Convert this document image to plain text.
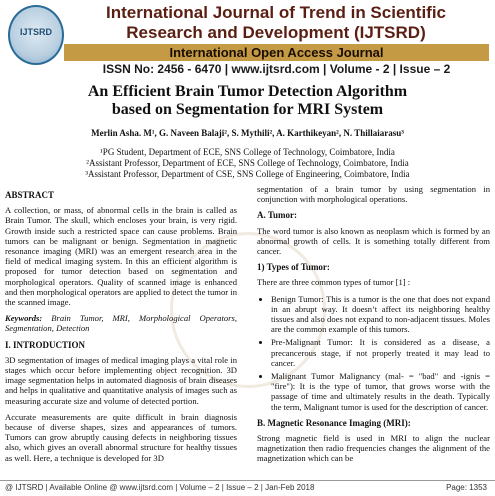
IJTSRD
International Journal of Trend in Scientific
Research and Development (IJTSRD)
International Open Access Journal
ISSN No: 2456 - 6470 | www.ijtsrd.com | Volume - 2 | Issue – 2
An Efficient Brain Tumor Detection Algorithm
based on Segmentation for MRI System
Merlin Asha. M¹, G. Naveen Balaji², S. Mythili², A. Karthikeyan², N. Thillaiarasu³
¹PG Student, Department of ECE, SNS College of Technology, Coimbatore, India
²Assistant Professor, Department of ECE, SNS College of Technology, Coimbatore, India
³Assistant Professor, Department of CSE, SNS College of Engineering, Coimbatore, India
ABSTRACT

A collection, or mass, of abnormal cells in the brain is called as Brain Tumor. The skull, which encloses your brain, is very rigid. Growth inside such a restricted space can cause problems. Brain tumors can be malignant or benign. Segmentation in magnetic resonance imaging (MRI) was an emergent research area in the field of medical imaging system. In this an efficient algorithm is proposed for tumor detection based on segmentation and morphological operators. Quality of scanned image is enhanced and then morphological operators are applied to detect the tumor in the scanned image.

Keywords: Brain Tumor, MRI, Morphological Operators, Segmentation, Detection

I. INTRODUCTION

3D segmentation of images of medical imaging plays a vital role in stages which occur before implementing object recognition. 3D image segmentation helps in automated diagnosis of brain diseases and helps in qualitative and quantitative analysis of images such as measuring accurate size and volume of detected portion.

Accurate measurements are quite difficult in brain diagnosis because of diverse shapes, sizes and appearances of tumors. Tumors can grow abruptly causing defects in neighboring tissues also, which gives an overall abnormal structure for healthy tissues as well. Here, a technique is developed for 3D

segmentation of a brain tumor by using segmentation in conjunction with morphological operations.

A. Tumor:

The word tumor is also known as neoplasm which is formed by an abnormal growth of cells. It is something totally different from cancer.

1) Types of Tumor:

There are three common types of tumor [1] :

• Benign Tumor: This is a tumor is the one that does not expand in an abrupt way. It doesn’t affect its neighboring healthy tissues and also does not expand to non-adjacent tissues. Moles are the common example of this tumors.
• Pre-Malignant Tumor: It is considered as a disease, a precancerous stage, if not properly treated it may lead to cancer.
• Malignant Tumor Malignancy (mal- = "bad" and -ignis = "fire"): It is the type of tumor, that grows worse with the passage of time and ultimately results in the death. Typically the term, Malignant tumor is used for the description of cancer.
B. Magnetic Resonance Imaging (MRI):

Strong magnetic field is used in MRI to align the nuclear magnetization then radio frequencies changes the alignment of the magnetization which can be

@ IJTSRD | Available Online @ www.ijtsrd.com | Volume – 2 | Issue – 2 | Jan-Feb 2018	Page: 1353
